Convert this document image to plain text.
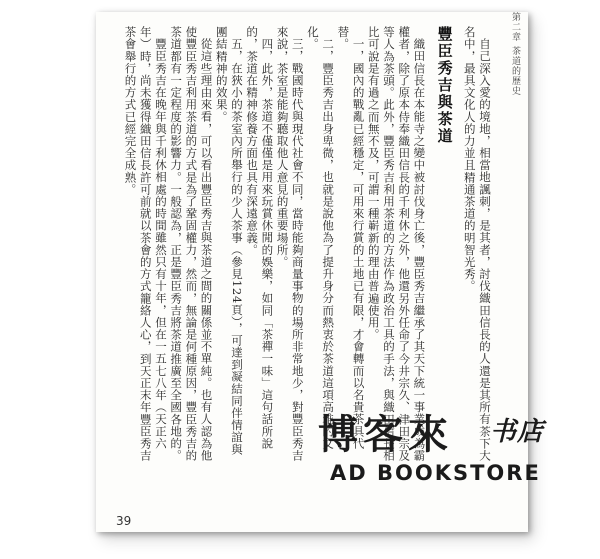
第二章 茶道的歷史

自己深入愛的境地，相當地諷刺，是其者，討伐織田信長的人還是其所有茶下大名中，最具文化人的力並且精通茶道的明智光秀。

豐臣秀吉與茶道

織田信長在本能寺之變中被討伐身亡後，豐臣秀吉繼承了其天下統一事業成為霸權者，除了原本侍奉織田信長的千利休之外，他還另外任命了今井宗久、津田宗及等人為茶頭。此外，豐臣秀吉利用茶道的方法作為政治工具的手法，與織田信長相比可說是有過之而無不及，可謂一種嶄新的理由普遍使用。

一，國內的戰亂已經穩定，可用來行賞的土地已有限，才會轉而以名貴茶具代替。

二，豐臣秀吉出身卑微，也就是說他為了提升身分而熱衷於茶道這項高雅的文化。

三，戰國時代與現代社會不同，當時能夠商量事物的場所非常地少，對豐臣秀吉來說，茶室是能夠聽取他人意見的重要場所。

四，此外，茶道不僅僅是用來玩賞休閒的娛樂，如同「茶禪一味」這句話所說的，茶道在精神修養方面也具有深遠意義。

五，在狹小的茶室內所舉行的少人茶事（參見124頁），可達到凝結同伴情誼與團結精神的效果。

從這些理由來看，可以看出豐臣秀吉與茶道之間的關係並不單純。也有人認為他使豐臣秀吉利用茶道的方式是為了鞏固權力，然而，無論是何種原因，豐臣秀吉的茶道都有一定程度的影響力。一般認為，正是豐臣秀吉將茶道推廣至全國各地的。

豐臣秀吉在晚年與千利休相處的時間雖然只有十年，但在一五七八年（天正六年）時，尚未獲得織田信長許可前就以茶會的方式籠絡人心，到天正末年豐臣秀吉茶會舉行的方式已經完全成熟。

39
博客來 书店
AD BOOKSTORE
